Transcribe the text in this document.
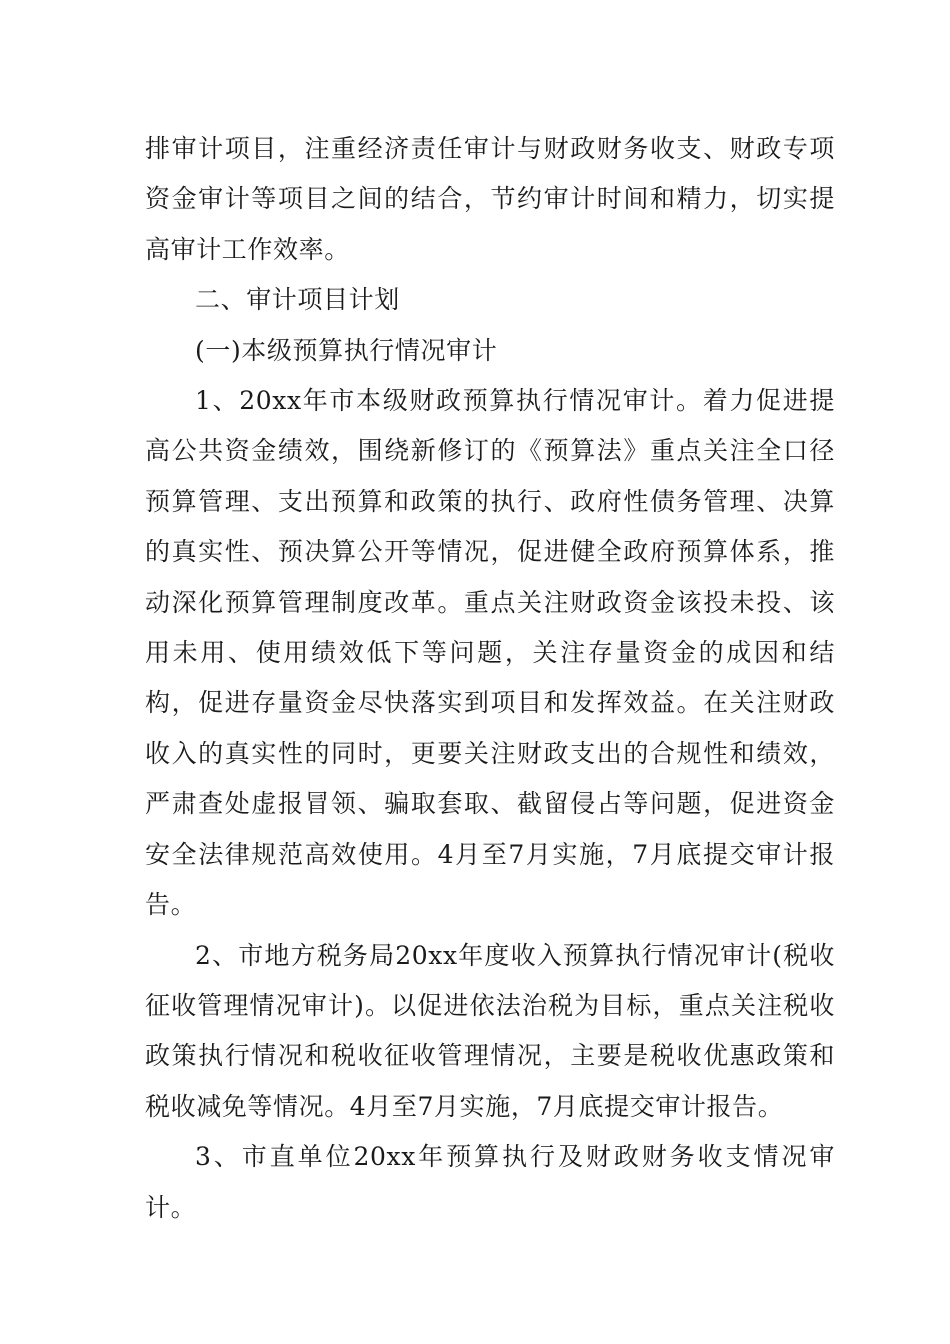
排审计项目，注重经济责任审计与财政财务收支、财政专项资金审计等项目之间的结合，节约审计时间和精力，切实提高审计工作效率。

二、审计项目计划

(一)本级预算执行情况审计

1、20xx年市本级财政预算执行情况审计。着力促进提高公共资金绩效，围绕新修订的《预算法》重点关注全口径预算管理、支出预算和政策的执行、政府性债务管理、决算的真实性、预决算公开等情况，促进健全政府预算体系，推动深化预算管理制度改革。重点关注财政资金该投未投、该用未用、使用绩效低下等问题，关注存量资金的成因和结构，促进存量资金尽快落实到项目和发挥效益。在关注财政收入的真实性的同时，更要关注财政支出的合规性和绩效，严肃查处虚报冒领、骗取套取、截留侵占等问题，促进资金安全法律规范高效使用。4月至7月实施，7月底提交审计报告。

2、市地方税务局20xx年度收入预算执行情况审计(税收征收管理情况审计)。以促进依法治税为目标，重点关注税收政策执行情况和税收征收管理情况，主要是税收优惠政策和税收减免等情况。4月至7月实施，7月底提交审计报告。

3、市直单位20xx年预算执行及财政财务收支情况审计。
